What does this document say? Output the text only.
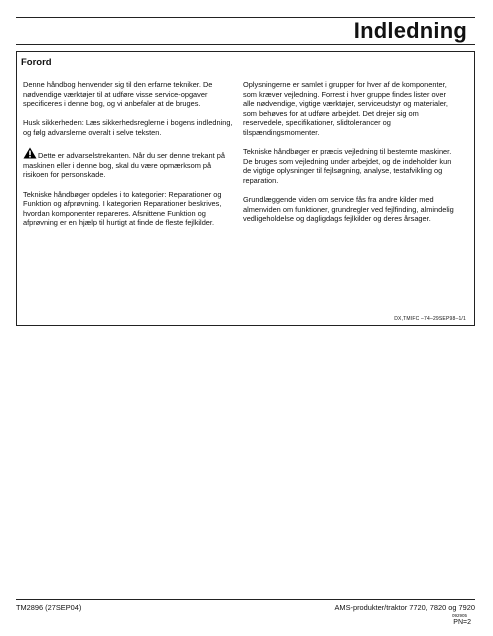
Indledning
Forord

Denne håndbog henvender sig til den erfarne tekniker. De nødvendige værktøjer til at udføre visse service-opgaver specificeres i denne bog, og vi anbefaler at de bruges.

Husk sikkerheden: Læs sikkerhedsreglerne i bogens indledning, og følg advarslerne overalt i selve teksten.

Dette er advarselstrekanten. Når du ser denne trekant på maskinen eller i denne bog, skal du være opmærksom på risikoen for personskade.

Tekniske håndbøger opdeles i to kategorier: Reparationer og Funktion og afprøvning. I kategorien Reparationer beskrives, hvordan komponenter repareres. Afsnittene Funktion og afprøvning er en hjælp til hurtigt at finde de fleste fejlkilder.

Oplysningerne er samlet i grupper for hver af de komponenter, som kræver vejledning. Forrest i hver gruppe findes lister over alle nødvendige, vigtige værktøjer, serviceudstyr og materialer, som behøves for at udføre arbejdet. Det drejer sig om reservedele, specifikationer, slidtolerancer og tilspændingsmomenter.

Tekniske håndbøger er præcis vejledning til bestemte maskiner. De bruges som vejledning under arbejdet, og de indeholder kun de vigtige oplysninger til fejlsøgning, analyse, testafvikling og reparation.

Grundlæggende viden om service fås fra andre kilder med almenviden om funktioner, grundregler ved fejlfinding, almindelig vedligeholdelse og dagligdags fejlkilder og deres årsager.

DX,TMIFC –74–29SEP98–1/1
TM2896 (27SEP04)	AMS-produkter/traktor 7720, 7820 og 7920
092905
PN=2
